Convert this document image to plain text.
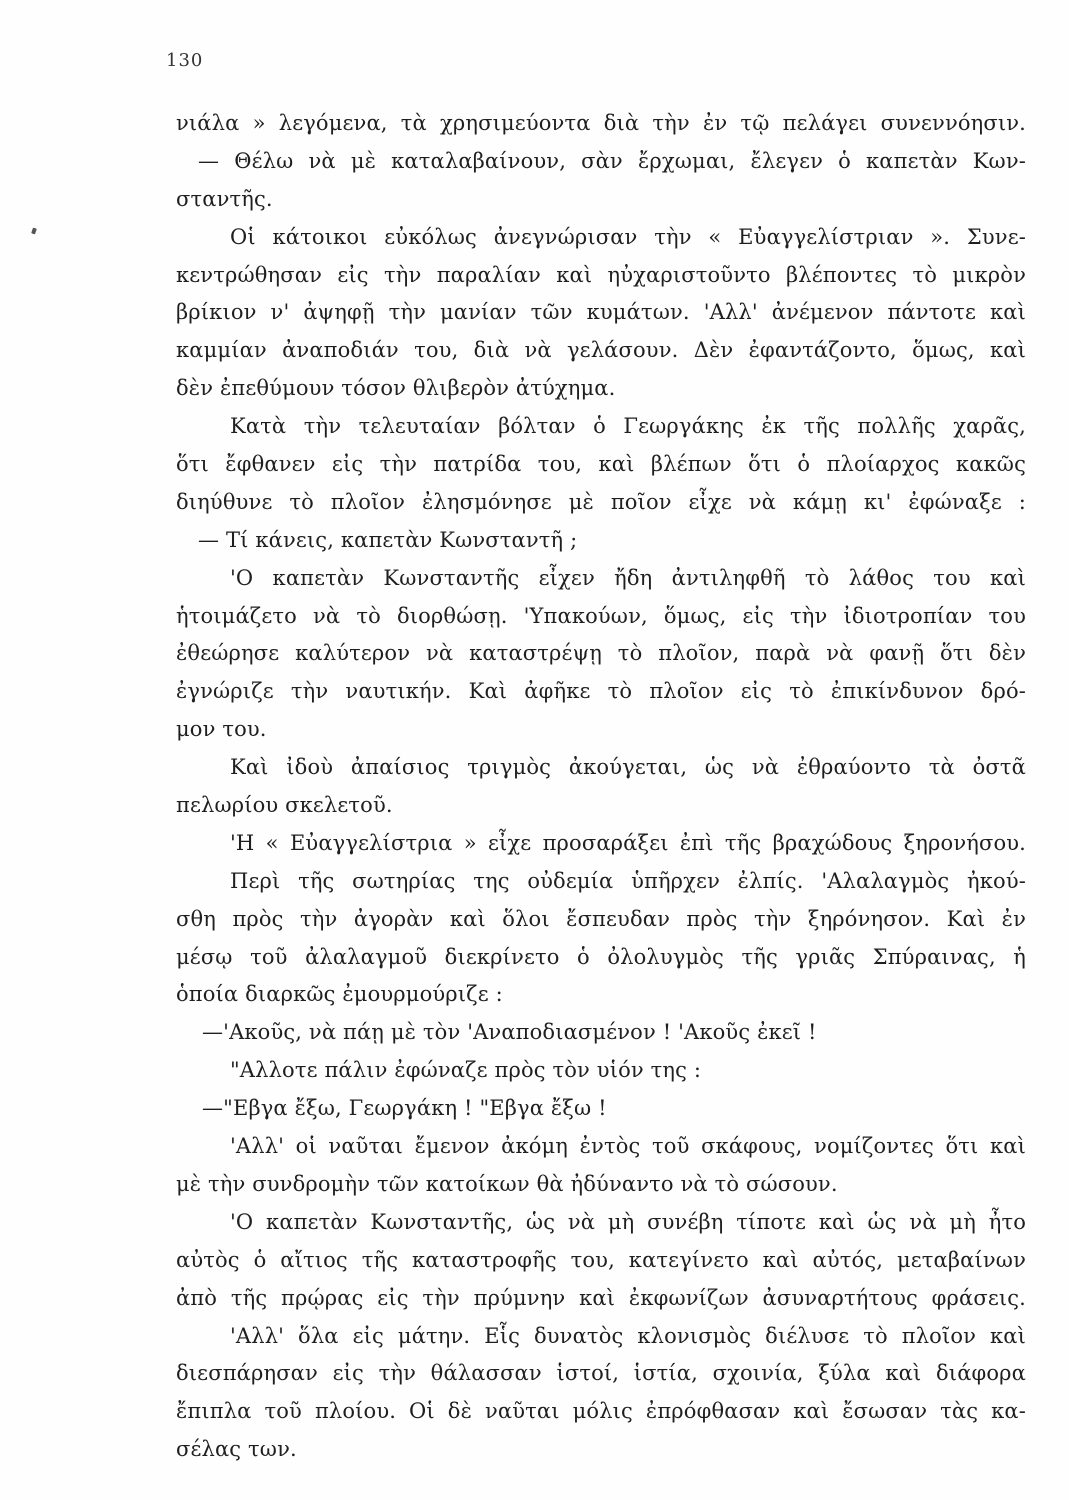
130
νιάλα » λεγόμενα, τὰ χρησιμεύοντα διὰ τὴν ἐν τῷ πελάγει συνεννόησιν.
— Θέλω νὰ μὲ καταλαβαίνουν, σὰν ἔρχωμαι, ἔλεγεν ὁ καπετὰν Κων-
σταντῆς.
Οἱ κάτοικοι εὐκόλως ἀνεγνώρισαν τὴν « Εὐαγγελίστριαν ». Συνε-
κεντρώθησαν εἰς τὴν παραλίαν καὶ ηὐχαριστοῦντο βλέποντες τὸ μικρὸν
βρίκιον ν' ἀψηφῇ τὴν μανίαν τῶν κυμάτων. 'Αλλ' ἀνέμενον πάντοτε καὶ
καμμίαν ἀναποδιάν του, διὰ νὰ γελάσουν. Δὲν ἐφαντάζοντο, ὅμως, καὶ
δὲν ἐπεθύμουν τόσον θλιβερὸν ἀτύχημα.
Κατὰ τὴν τελευταίαν βόλταν ὁ Γεωργάκης ἐκ τῆς πολλῆς χαρᾶς,
ὅτι ἔφθανεν εἰς τὴν πατρίδα του, καὶ βλέπων ὅτι ὁ πλοίαρχος κακῶς
διηύθυνε τὸ πλοῖον ἐλησμόνησε μὲ ποῖον εἶχε νὰ κάμῃ κι' ἐφώναξε :
— Τί κάνεις, καπετὰν Κωνσταντῆ ;
'Ο καπετὰν Κωνσταντῆς εἶχεν ἤδη ἀντιληφθῆ τὸ λάθος του καὶ
ἡτοιμάζετο νὰ τὸ διορθώσῃ. 'Υπακούων, ὅμως, εἰς τὴν ἰδιοτροπίαν του
ἐθεώρησε καλύτερον νὰ καταστρέψῃ τὸ πλοῖον, παρὰ νὰ φανῇ ὅτι δὲν
ἐγνώριζε τὴν ναυτικήν. Καὶ ἀφῆκε τὸ πλοῖον εἰς τὸ ἐπικίνδυνον δρό-
μον του.
Καὶ ἰδοὺ ἀπαίσιος τριγμὸς ἀκούγεται, ὡς νὰ ἐθραύοντο τὰ ὀστᾶ
πελωρίου σκελετοῦ.
'Η « Εὐαγγελίστρια » εἶχε προσαράξει ἐπὶ τῆς βραχώδους ξηρονήσου.
Περὶ τῆς σωτηρίας της οὐδεμία ὑπῆρχεν ἐλπίς. 'Αλαλαγμὸς ἠκού-
σθη πρὸς τὴν ἀγορὰν καὶ ὅλοι ἔσπευδαν πρὸς τὴν ξηρόνησον. Καὶ ἐν
μέσῳ τοῦ ἀλαλαγμοῦ διεκρίνετο ὁ ὀλολυγμὸς τῆς γριᾶς Σπύραινας, ἡ
ὁποία διαρκῶς ἐμουρμούριζε :
—'Ακοῦς, νὰ πάῃ μὲ τὸν 'Αναποδιασμένον ! 'Ακοῦς ἐκεῖ !
"Αλλοτε πάλιν ἐφώναζε πρὸς τὸν υἱόν της :
—"Εβγα ἔξω, Γεωργάκη ! "Εβγα ἔξω !
'Αλλ' οἱ ναῦται ἔμενον ἀκόμη ἐντὸς τοῦ σκάφους, νομίζοντες ὅτι καὶ
μὲ τὴν συνδρομὴν τῶν κατοίκων θὰ ἠδύναντο νὰ τὸ σώσουν.
'Ο καπετὰν Κωνσταντῆς, ὡς νὰ μὴ συνέβη τίποτε καὶ ὡς νὰ μὴ ἦτο
αὐτὸς ὁ αἴτιος τῆς καταστροφῆς του, κατεγίνετο καὶ αὐτός, μεταβαίνων
ἀπὸ τῆς πρῴρας εἰς τὴν πρύμνην καὶ ἐκφωνίζων ἀσυναρτήτους φράσεις.
'Αλλ' ὅλα εἰς μάτην. Εἷς δυνατὸς κλονισμὸς διέλυσε τὸ πλοῖον καὶ
διεσπάρησαν εἰς τὴν θάλασσαν ἱστοί, ἱστία, σχοινία, ξύλα καὶ διάφορα
ἔπιπλα τοῦ πλοίου. Οἱ δὲ ναῦται μόλις ἐπρόφθασαν καὶ ἔσωσαν τὰς κα-
σέλας των.
